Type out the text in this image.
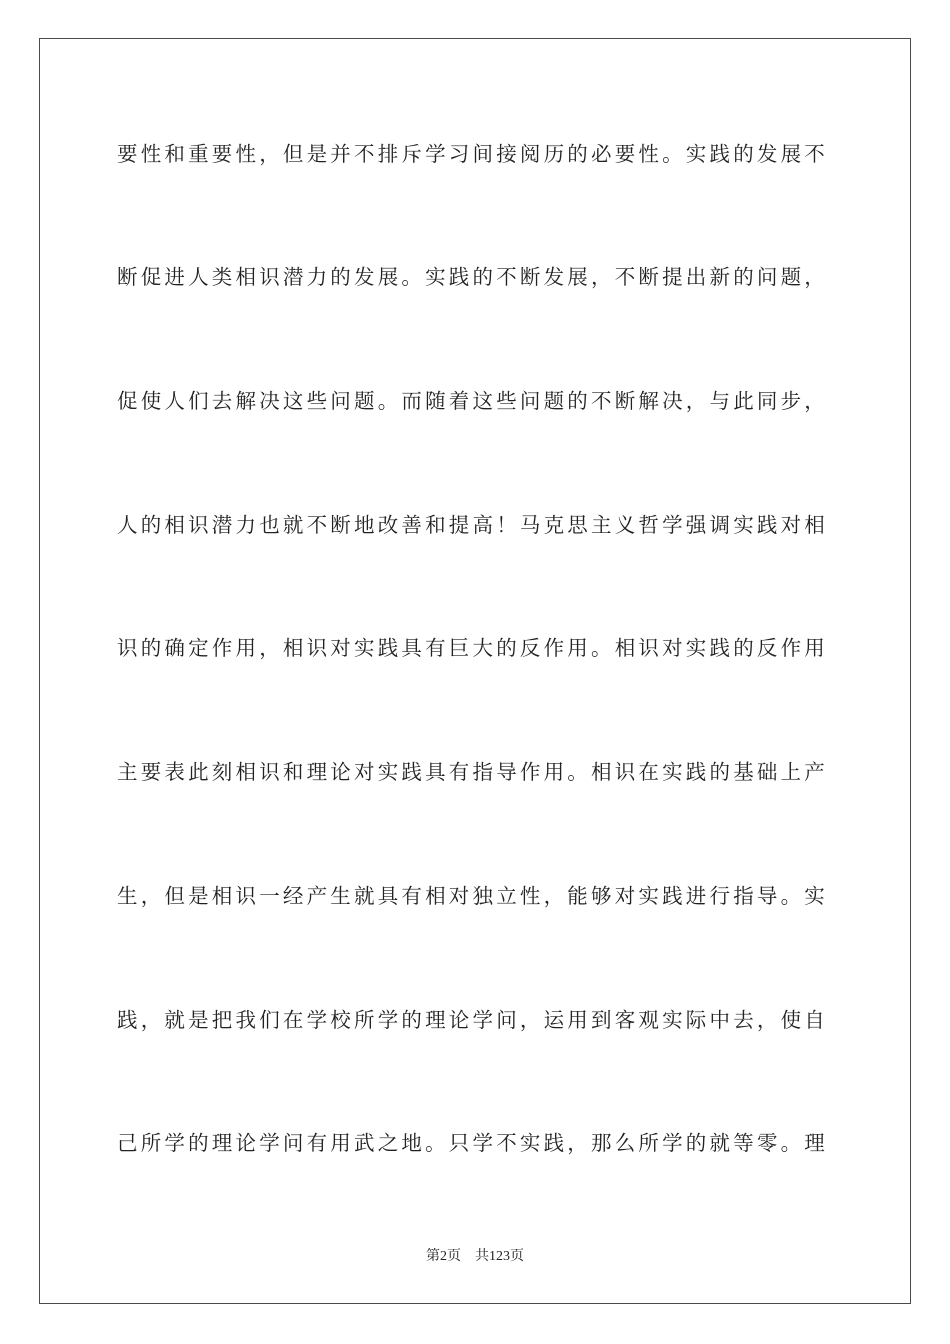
要性和重要性，但是并不排斥学习间接阅历的必要性。实践的发展不
断促进人类相识潜力的发展。实践的不断发展，不断提出新的问题，
促使人们去解决这些问题。而随着这些问题的不断解决，与此同步，
人的相识潜力也就不断地改善和提高！马克思主义哲学强调实践对相
识的确定作用，相识对实践具有巨大的反作用。相识对实践的反作用
主要表此刻相识和理论对实践具有指导作用。相识在实践的基础上产
生，但是相识一经产生就具有相对独立性，能够对实践进行指导。实
践，就是把我们在学校所学的理论学问，运用到客观实际中去，使自
己所学的理论学问有用武之地。只学不实践，那么所学的就等零。理
第2页 共123页
